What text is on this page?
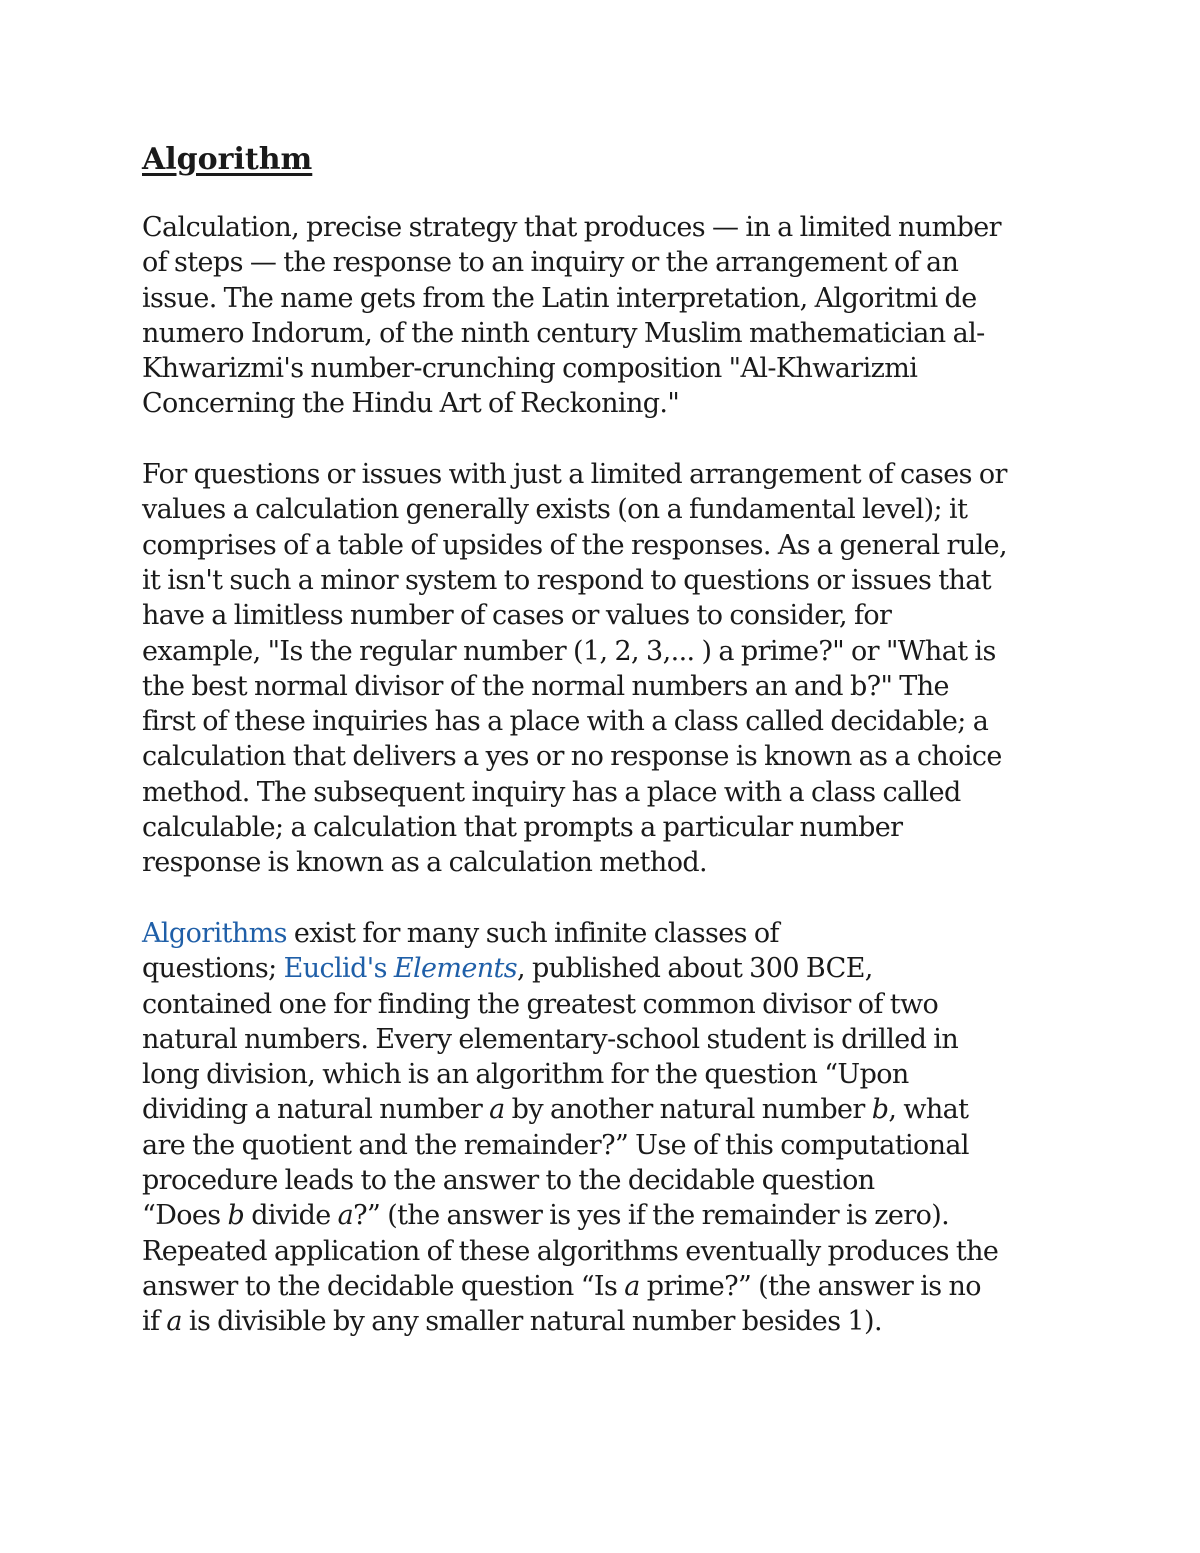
Algorithm
Calculation, precise strategy that produces — in a limited number
of steps — the response to an inquiry or the arrangement of an
issue. The name gets from the Latin interpretation, Algoritmi de
numero Indorum, of the ninth century Muslim mathematician al-
Khwarizmi's number-crunching composition "Al-Khwarizmi
Concerning the Hindu Art of Reckoning."
For questions or issues with just a limited arrangement of cases or
values a calculation generally exists (on a fundamental level); it
comprises of a table of upsides of the responses. As a general rule,
it isn't such a minor system to respond to questions or issues that
have a limitless number of cases or values to consider, for
example, "Is the regular number (1, 2, 3,... ) a prime?" or "What is
the best normal divisor of the normal numbers an and b?" The
first of these inquiries has a place with a class called decidable; a
calculation that delivers a yes or no response is known as a choice
method. The subsequent inquiry has a place with a class called
calculable; a calculation that prompts a particular number
response is known as a calculation method.
Algorithms exist for many such infinite classes of
questions; Euclid's Elements, published about 300 BCE,
contained one for finding the greatest common divisor of two
natural numbers. Every elementary-school student is drilled in
long division, which is an algorithm for the question “Upon
dividing a natural number a by another natural number b, what
are the quotient and the remainder?” Use of this computational
procedure leads to the answer to the decidable question
“Does b divide a?” (the answer is yes if the remainder is zero).
Repeated application of these algorithms eventually produces the
answer to the decidable question “Is a prime?” (the answer is no
if a is divisible by any smaller natural number besides 1).
